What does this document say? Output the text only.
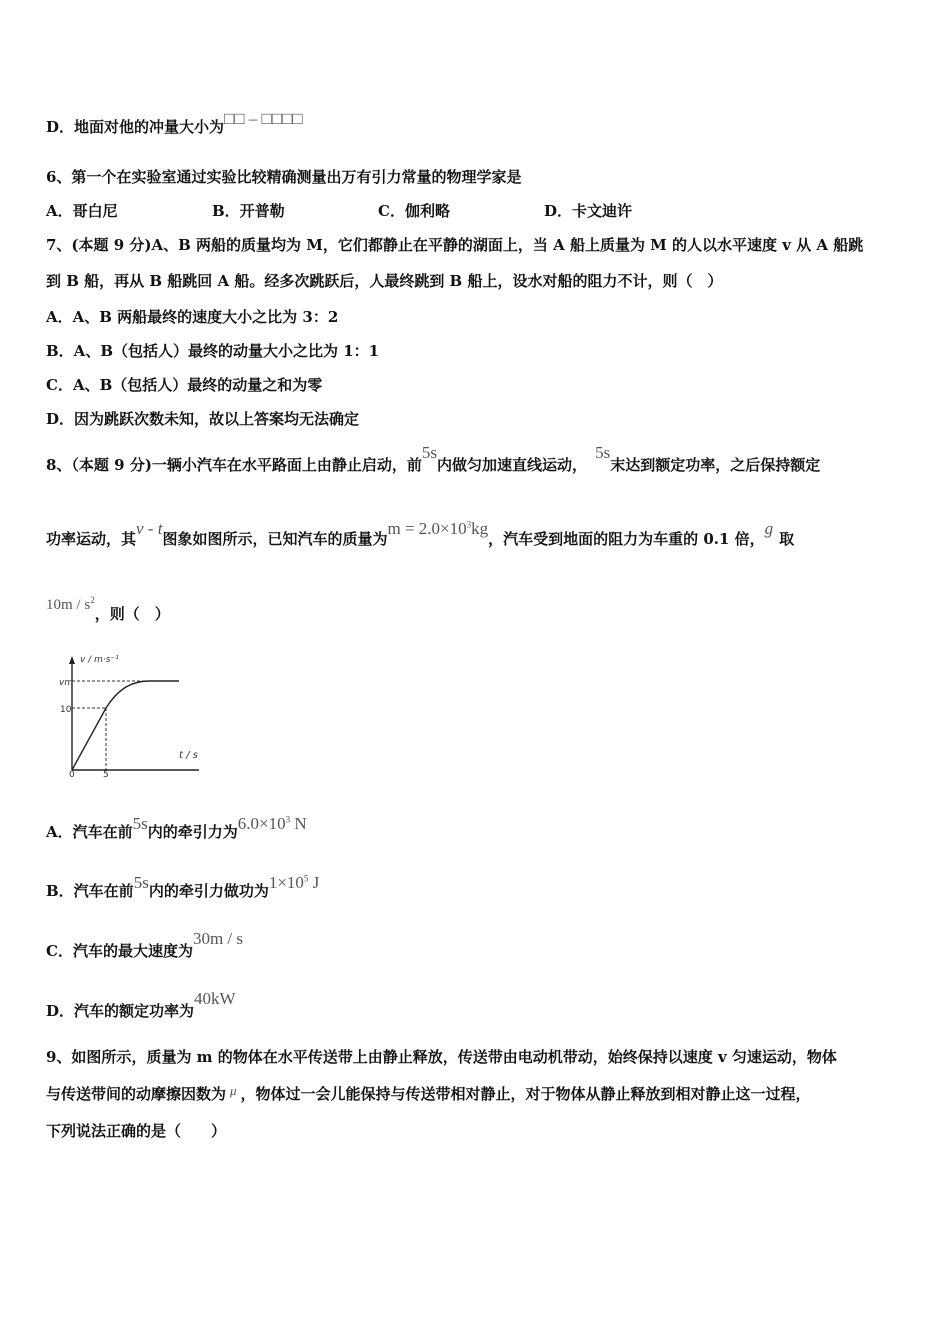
D．地面对他的冲量大小为□□ – □□□□
6、第一个在实验室通过实验比较精确测量出万有引力常量的物理学家是
A．哥白尼	B．开普勒	C．伽利略	D．卡文迪许
7、(本题 9 分)A、B 两船的质量均为 M，它们都静止在平静的湖面上，当 A 船上质量为 M 的人以水平速度 v 从 A 船跳
到 B 船，再从 B 船跳回 A 船。经多次跳跃后，人最终跳到 B 船上，设水对船的阻力不计，则（　）
A．A、B 两船最终的速度大小之比为 3：2
B．A、B（包括人）最终的动量大小之比为 1：1
C．A、B（包括人）最终的动量之和为零
D．因为跳跃次数未知，故以上答案均无法确定
8、（本题 9 分)一辆小汽车在水平路面上由静止启动，前5s内做匀加速直线运动，5s末达到额定功率，之后保持额定
功率运动，其v - t图象如图所示，已知汽车的质量为$m = 2.0\times 10^3kg$，汽车受到地面的阻力为车重的 0.1 倍，g取
$10m / s^2$，则（　）
v / m·s⁻¹
t / s
vm
10
5
0
A．汽车在前5s内的牵引力为$6.0\times 10^3$ N
B．汽车在前5s内的牵引力做功为$1\times 10^5$ J
C．汽车的最大速度为30m / s
D．汽车的额定功率为40kW
9、如图所示，质量为 m 的物体在水平传送带上由静止释放，传送带由电动机带动，始终保持以速度 v 匀速运动，物体
与传送带间的动摩擦因数为 μ ，物体过一会儿能保持与传送带相对静止，对于物体从静止释放到相对静止这一过程，
下列说法正确的是（　　）
